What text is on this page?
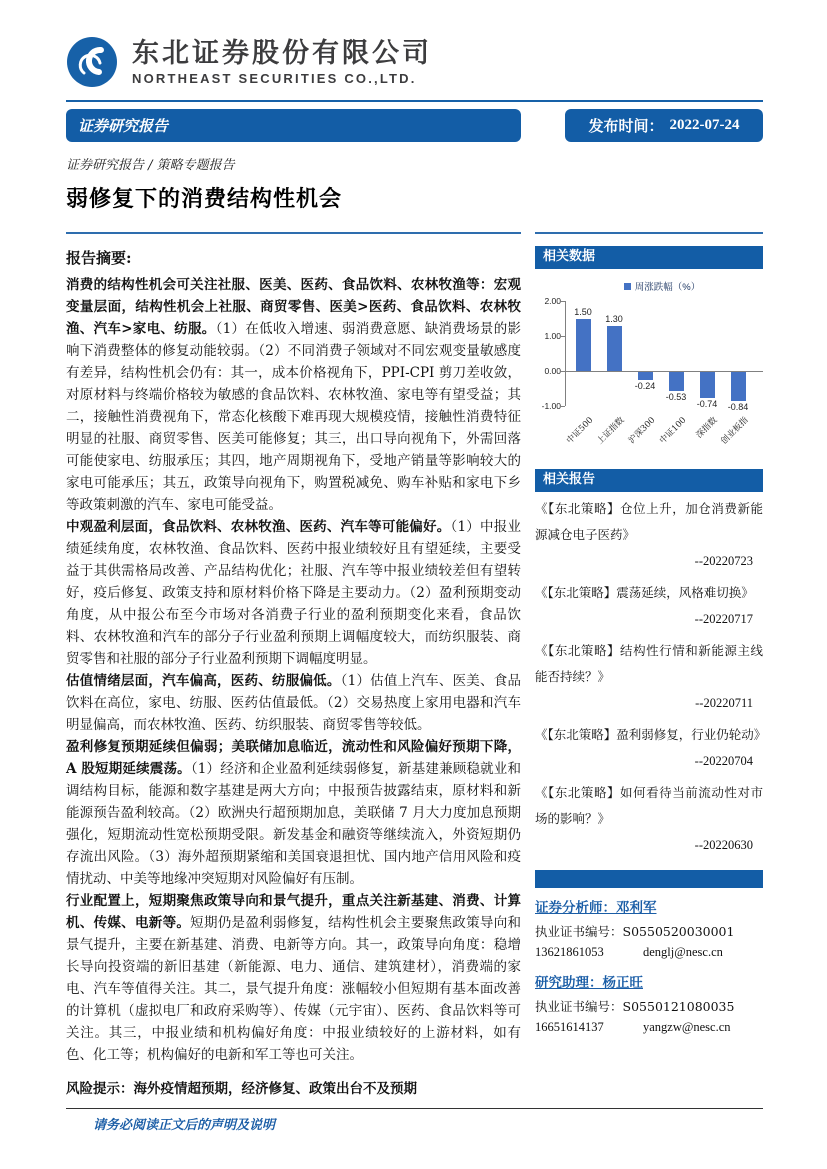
东北证券股份有限公司
NORTHEAST SECURITIES CO.,LTD.
证券研究报告	发布时间： 2022-07-24
证券研究报告 / 策略专题报告
弱修复下的消费结构性机会
报告摘要:

消费的结构性机会可关注社服、医美、医药、食品饮料、农林牧渔等：宏观变量层面，结构性机会上社服、商贸零售、医美>医药、食品饮料、农林牧渔、汽车>家电、纺服。（1）在低收入增速、弱消费意愿、缺消费场景的影响下消费整体的修复动能较弱。（2）不同消费子领域对不同宏观变量敏感度有差异，结构性机会仍有：其一，成本价格视角下，PPI-CPI 剪刀差收敛，对原材料与终端价格较为敏感的食品饮料、农林牧渔、家电等有望受益；其二，接触性消费视角下，常态化核酸下难再现大规模疫情，接触性消费特征明显的社服、商贸零售、医美可能修复；其三，出口导向视角下，外需回落可能使家电、纺服承压；其四，地产周期视角下，受地产销量等影响较大的家电可能承压；其五，政策导向视角下，购置税减免、购车补贴和家电下乡等政策刺激的汽车、家电可能受益。

中观盈利层面，食品饮料、农林牧渔、医药、汽车等可能偏好。（1）中报业绩延续角度，农林牧渔、食品饮料、医药中报业绩较好且有望延续，主要受益于其供需格局改善、产品结构优化；社服、汽车等中报业绩较差但有望转好，疫后修复、政策支持和原材料价格下降是主要动力。（2）盈利预期变动角度，从中报公布至今市场对各消费子行业的盈利预期变化来看，食品饮料、农林牧渔和汽车的部分子行业盈利预期上调幅度较大，而纺织服装、商贸零售和社服的部分子行业盈利预期下调幅度明显。

估值情绪层面，汽车偏高，医药、纺服偏低。（1）估值上汽车、医美、食品饮料在高位，家电、纺服、医药估值最低。（2）交易热度上家用电器和汽车明显偏高，而农林牧渔、医药、纺织服装、商贸零售等较低。

盈利修复预期延续但偏弱；美联储加息临近，流动性和风险偏好预期下降，A 股短期延续震荡。（1）经济和企业盈利延续弱修复，新基建兼顾稳就业和调结构目标，能源和数字基建是两大方向；中报预告披露结束，原材料和新能源预告盈利较高。（2）欧洲央行超预期加息，美联储 7 月大力度加息预期强化，短期流动性宽松预期受限。新发基金和融资等继续流入，外资短期仍存流出风险。（3）海外超预期紧缩和美国衰退担忧、国内地产信用风险和疫情扰动、中美等地缘冲突短期对风险偏好有压制。

行业配置上，短期聚焦政策导向和景气提升，重点关注新基建、消费、计算机、传媒、电新等。短期仍是盈利弱修复，结构性机会主要聚焦政策导向和景气提升，主要在新基建、消费、电新等方向。其一，政策导向角度：稳增长导向投资端的新旧基建（新能源、电力、通信、建筑建材），消费端的家电、汽车等值得关注。其二，景气提升角度：涨幅较小但短期有基本面改善的计算机（虚拟电厂和政府采购等）、传媒（元宇宙）、医药、食品饮料等可关注。其三，中报业绩和机构偏好角度：中报业绩较好的上游材料，如有色、化工等；机构偏好的电新和军工等也可关注。

风险提示：海外疫情超预期，经济修复、政策出台不及预期

相关数据
周涨跌幅（%）
1.50
中证500
1.30
上证指数
-0.24
沪深300
-0.53
中证100
-0.74
深指数
-0.84
创业板指
2.00
1.00
0.00
-1.00
相关报告

《【东北策略】仓位上升，加仓消费新能源减仓电子医药》

--20220723

《【东北策略】震荡延续，风格难切换》

--20220717

《【东北策略】结构性行情和新能源主线能否持续？》

--20220711

《【东北策略】盈利弱修复，行业仍轮动》

--20220704

《【东北策略】如何看待当前流动性对市场的影响？》

--20220630

证券分析师：邓利军
执业证书编号：S0550520030001
13621861053	denglj@nesc.cn
研究助理：杨正旺
执业证书编号：S0550121080035
16651614137	yangzw@nesc.cn
请务必阅读正文后的声明及说明
